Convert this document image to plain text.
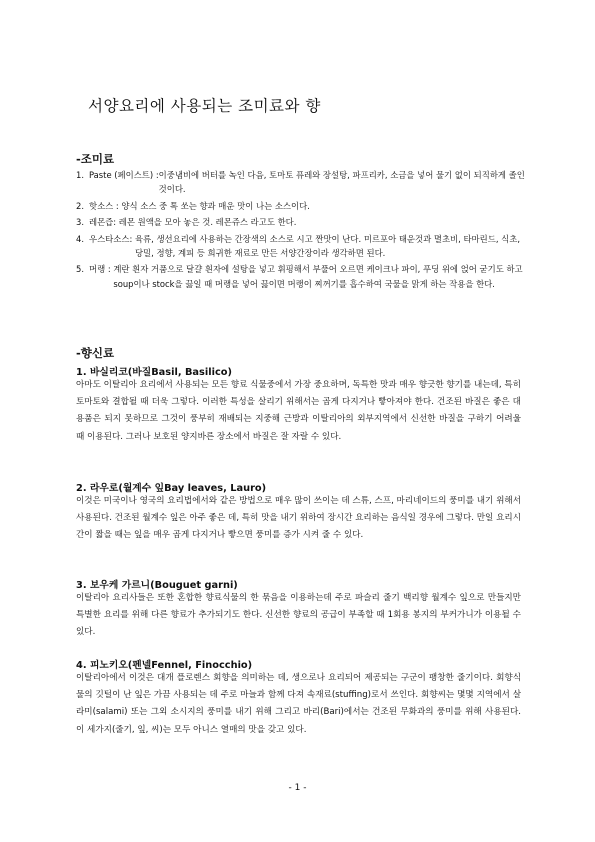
서양요리에 사용되는 조미료와 향
-조미료
1. Paste (페이스트) : 이중냄비에 버터를 녹인 다음, 토마토 퓨레와 장설탕, 파프리카, 소금을 넣어 물기 없이 되직하게 졸인 것이다.
2. 핫소스 : 양식 소스 중 톡 쏘는 향과 매운 맛이 나는 소스이다.
3. 레몬즙: 레몬 원액을 모아 놓은 것. 레몬쥬스 라고도 한다.
4. 우스타소스: 육류, 생선요리에 사용하는 간장색의 소스로 시고 짠맛이 난다. 미르포아 태운것과 멸초비, 타마린드, 식초, 당밀, 정향, 계피 등 희귀한 재료로 만든 서양간장이라 생각하면 된다.
5. 머랭 : 계란 흰자 거품으로 달걀 흰자에 설탕을 넣고 휘핑해서 부풀어 오르면 케이크나 파이, 푸딩 위에 얹어 굳기도 하고 soup이나 stock을 끓일 때 머랭을 넣어 끓이면 머랭이 찌꺼기를 흡수하여 국물을 맑게 하는 작용을 한다.
-향신료
1. 바실리코(바질Basil, Basilico)
아마도 이탈리아 요리에서 사용되는 모든 향료 식물중에서 가장 중요하며, 독특한 맛과 매우 향긋한 향기를 내는데, 특히 토마토와 결합될 때 더욱 그렇다. 이러한 특성을 살리기 위해서는 곱게 다지거나 빻아져야 한다. 건조된 바질은 좋은 대용품은 되지 못하므로 그것이 풍부히 재배되는 지중해 근방과 이탈리아의 외부지역에서 신선한 바질을 구하기 어려울 때 이용된다. 그러나 보호된 양지바른 장소에서 바질은 잘 자랄 수 있다.
2. 라우로(월계수 잎Bay leaves, Lauro)
이것은 미국이나 영국의 요리법에서와 같은 방법으로 매우 많이 쓰이는 데 스튜, 스프, 마리네이드의 풍미를 내기 위해서 사용된다. 건조된 월계수 잎은 아주 좋은 데, 특히 맛을 내기 위하여 장시간 요리하는 음식일 경우에 그렇다. 만일 요리시간이 짧을 때는 잎을 매우 곱게 다지거나 빻으면 풍미를 증가 시켜 줄 수 있다.
3. 보우케 가르니(Bouguet garni)
이탈리아 요리사들은 또한 혼합한 향료식물의 한 묶음을 이용하는데 주로 파슬리 줄기 백리향 월계수 잎으로 만들지만 특별한 요리를 위해 다른 향료가 추가되기도 한다. 신선한 향료의 공급이 부족할 때 1회용 봉지의 부커가니가 이용될 수 있다.
4. 피노키오(펜넬Fennel, Finocchio)
이탈리아에서 이것은 대개 플로렌스 회향을 의미하는 데, 생으로나 요리되어 제공되는 구군이 팽창한 줄기이다. 회향식물의 깃털이 난 잎은 가끔 사용되는 데 주로 마늘과 함께 다져 속재료(stuffing)로서 쓰인다. 회향씨는 몇몇 지역에서 살라미(salami) 또는 그외 소시지의 풍미를 내기 위해 그리고 바리(Bari)에서는 건조된 무화과의 풍미를 위해 사용된다. 이 세가지(줄기, 잎, 씨)는 모두 아니스 열매의 맛을 갖고 있다.
- 1 -
